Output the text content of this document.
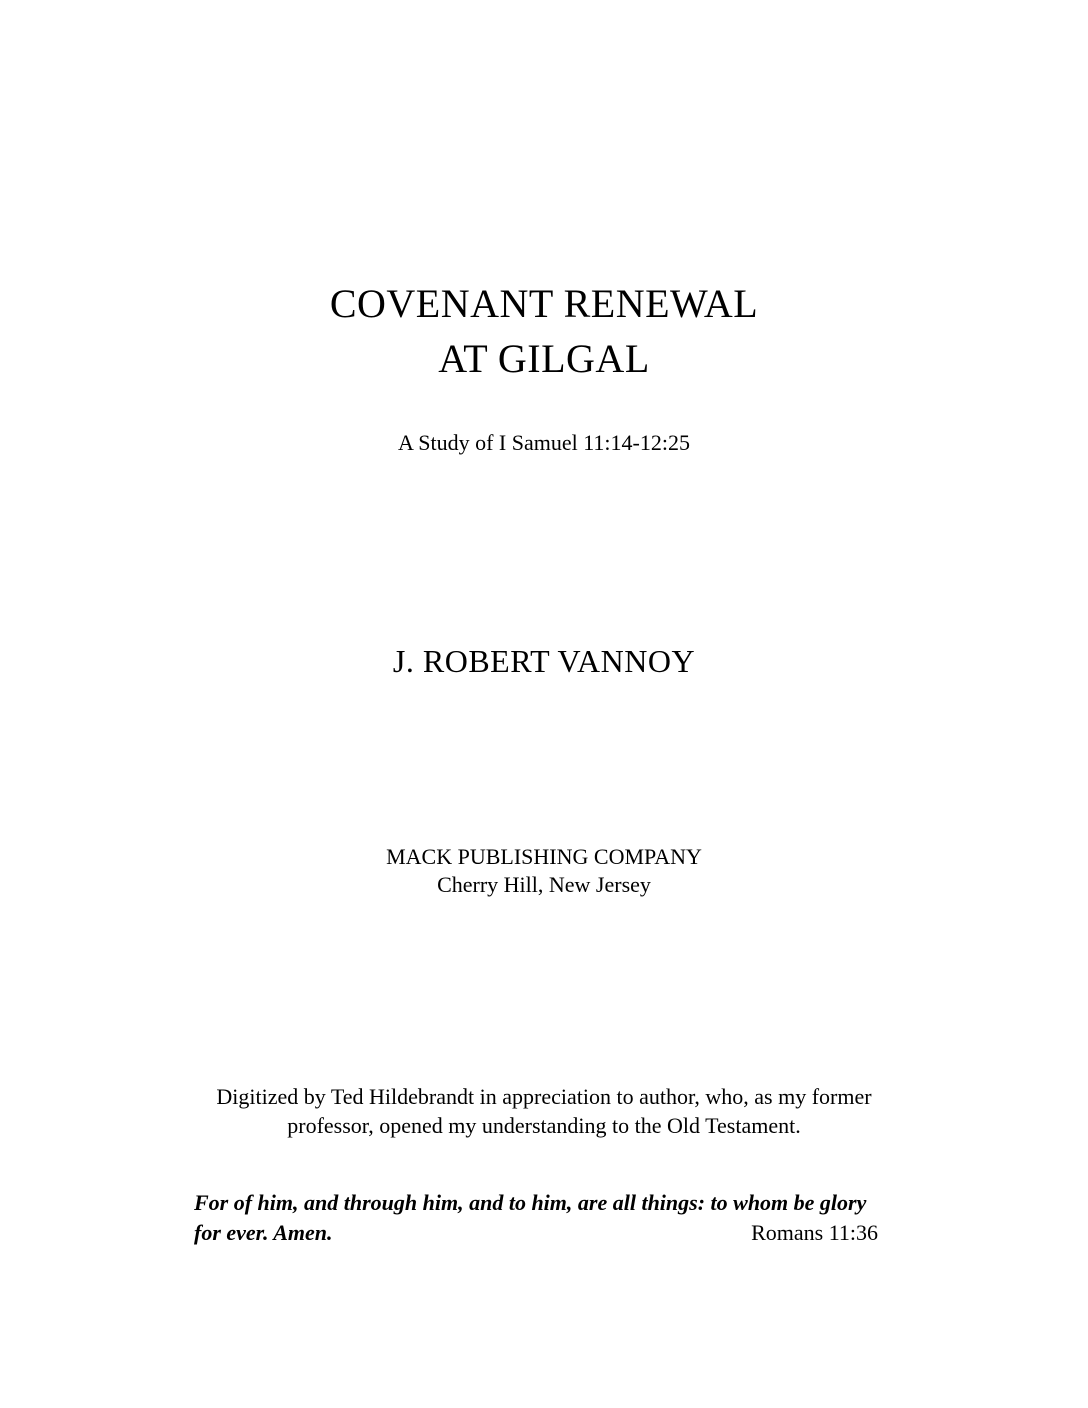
COVENANT RENEWAL
AT GILGAL
A Study of I Samuel 11:14-12:25
J. ROBERT VANNOY
MACK PUBLISHING COMPANY
Cherry Hill, New Jersey
Digitized by Ted Hildebrandt in appreciation to author, who, as my former
professor, opened my understanding to the Old Testament.
For of him, and through him, and to him, are all things: to whom be glory
for ever. Amen.	Romans 11:36
